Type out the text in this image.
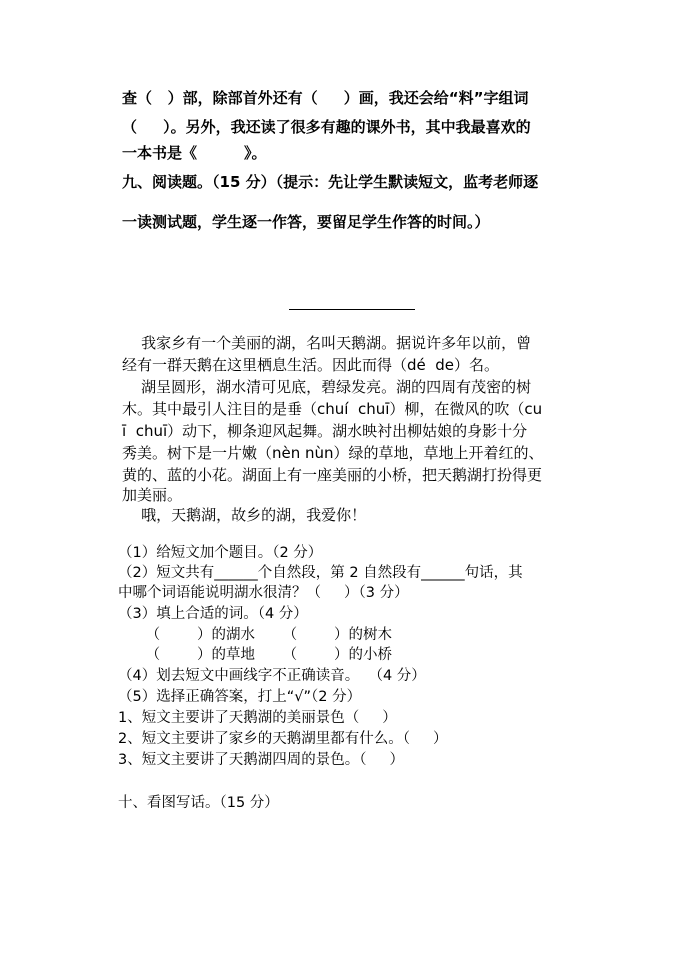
查（   ）部，除部首外还有（     ）画，我还会给“料”字组词
（     ）。另外，我还读了很多有趣的课外书，其中我最喜欢的
一本书是《         》。
九、阅读题。（15 分）（提示：先让学生默读短文，监考老师逐
一读测试题，学生逐一作答，要留足学生作答的时间。）
我家乡有一个美丽的湖，名叫天鹅湖。据说许多年以前，曾
经有一群天鹅在这里栖息生活。因此而得（dé  de）名。
湖呈圆形，湖水清可见底，碧绿发亮。湖的四周有茂密的树
木。其中最引人注目的是垂（chuí  chuī）柳，在微风的吹（cu
ī  chuī）动下，柳条迎风起舞。湖水映衬出柳姑娘的身影十分
秀美。树下是一片嫩（nèn nùn）绿的草地，草地上开着红的、
黄的、蓝的小花。湖面上有一座美丽的小桥，把天鹅湖打扮得更
加美丽。
哦，天鹅湖，故乡的湖，我爱你！
（1）给短文加个题目。（2 分）
（2）短文共有______个自然段，第 2 自然段有______句话，其
中哪个词语能说明湖水很清？（     ）（3 分）
（3）填上合适的词。（4 分）
（        ）的湖水      （        ）的树木
（        ）的草地      （        ）的小桥
（4）划去短文中画线字不正确读音。  （4 分）
（5）选择正确答案，打上“√”（2 分）
1、短文主要讲了天鹅湖的美丽景色（     ）
2、短文主要讲了家乡的天鹅湖里都有什么。（     ）
3、短文主要讲了天鹅湖四周的景色。（     ）
十、看图写话。（15 分）
